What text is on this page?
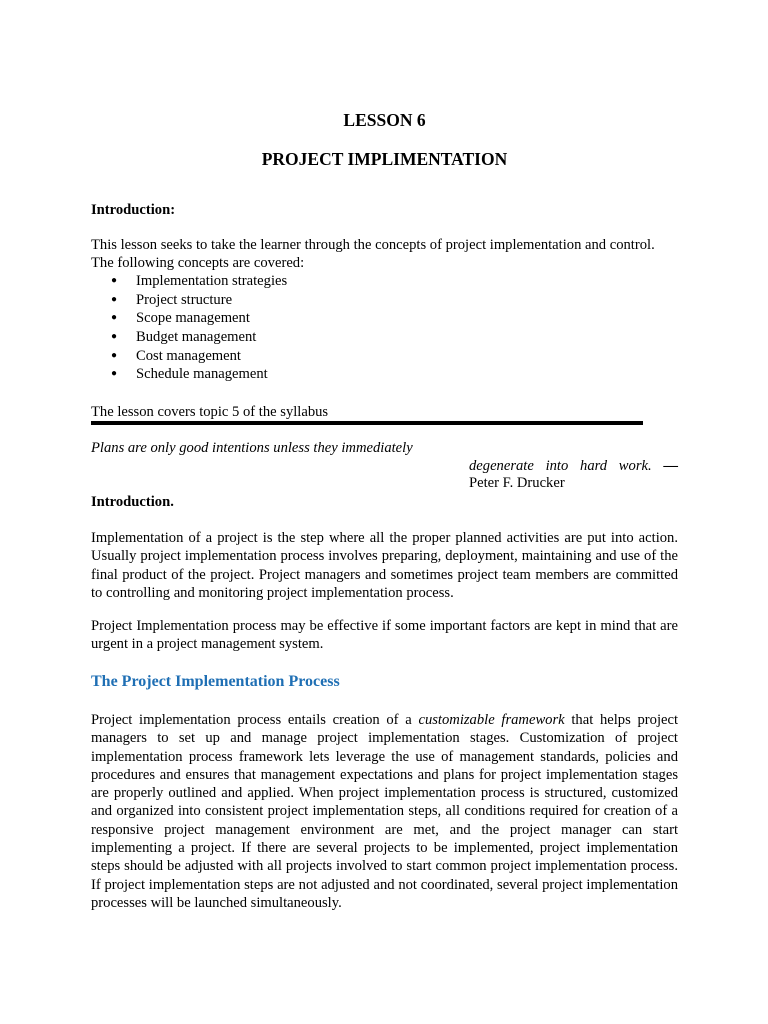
LESSON 6
PROJECT IMPLIMENTATION
Introduction:

This lesson seeks to take the learner through the concepts of project implementation and control.

The following concepts are covered:

● Implementation strategies
● Project structure
● Scope management
● Budget management
● Cost management
● Schedule management
The lesson covers topic 5 of the syllabus
Plans are only good intentions unless they immediately
degenerate into hard work. —
Peter F. Drucker
Introduction.

Implementation of a project is the step where all the proper planned activities are put into action. Usually project implementation process involves preparing, deployment, maintaining and use of the final product of the project. Project managers and sometimes project team members are committed to controlling and monitoring project implementation process.

Project Implementation process may be effective if some important factors are kept in mind that are urgent in a project management system.

The Project Implementation Process

Project implementation process entails creation of a customizable framework that helps project managers to set up and manage project implementation stages. Customization of project implementation process framework lets leverage the use of management standards, policies and procedures and ensures that management expectations and plans for project implementation stages are properly outlined and applied. When project implementation process is structured, customized and organized into consistent project implementation steps, all conditions required for creation of a responsive project management environment are met, and the project manager can start implementing a project. If there are several projects to be implemented, project implementation steps should be adjusted with all projects involved to start common project implementation process. If project implementation steps are not adjusted and not coordinated, several project implementation processes will be launched simultaneously.
